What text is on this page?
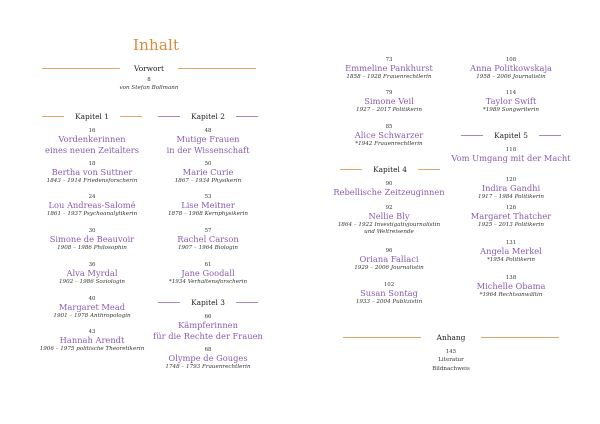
Inhalt
Vorwort
8
von Stefan Bollmann
Kapitel 1
16
Vordenkerinnen
eines neuen Zeitalters
18
Bertha von Suttner
1843 – 1914 Friedensforscherin
24
Lou Andreas-Salomé
1861 – 1937 Psychoanalytikerin
30
Simone de Beauvoir
1908 – 1986 Philosophin
36
Alva Myrdal
1902 – 1986 Soziologin
40
Margaret Mead
1901 – 1978 Anthropologin
43
Hannah Arendt
1906 – 1975 politische Theoretikerin
Kapitel 2
48
Mutige Frauen
in der Wissenschaft
50
Marie Curie
1867 – 1934 Physikerin
53
Lise Meitner
1878 – 1968 Kernphysikerin
57
Rachel Carson
1907 – 1964 Biologin
61
Jane Goodall
*1934 Verhaltensforscherin
Kapitel 3
66
Kämpferinnen
für die Rechte der Frauen
68
Olympe de Gouges
1748 – 1793 Frauenrechtlerin
73
Emmeline Pankhurst
1858 – 1928 Frauenrechtlerin
79
Simone Veil
1927 – 2017 Politikerin
85
Alice Schwarzer
*1942 Frauenrechtlerin
Kapitel 4
90
Rebellische Zeitzeuginnen
92
Nellie Bly
1864 – 1922 Investigativjournalistin
und Weltreisende
96
Oriana Fallaci
1929 – 2006 Journalistin
102
Susan Sontag
1933 – 2004 Publizistin
108
Anna Politkowskaja
1958 – 2006 Journalistin
114
Taylor Swift
*1989 Songwriterin
Kapitel 5
118
Vom Umgang mit der Macht
120
Indira Gandhi
1917 – 1984 Politikerin
126
Margaret Thatcher
1925 – 2013 Politikerin
131
Angela Merkel
*1954 Politikerin
138
Michelle Obama
*1964 Rechtsanwältin
Anhang
145
Literatur
Bildnachweis
